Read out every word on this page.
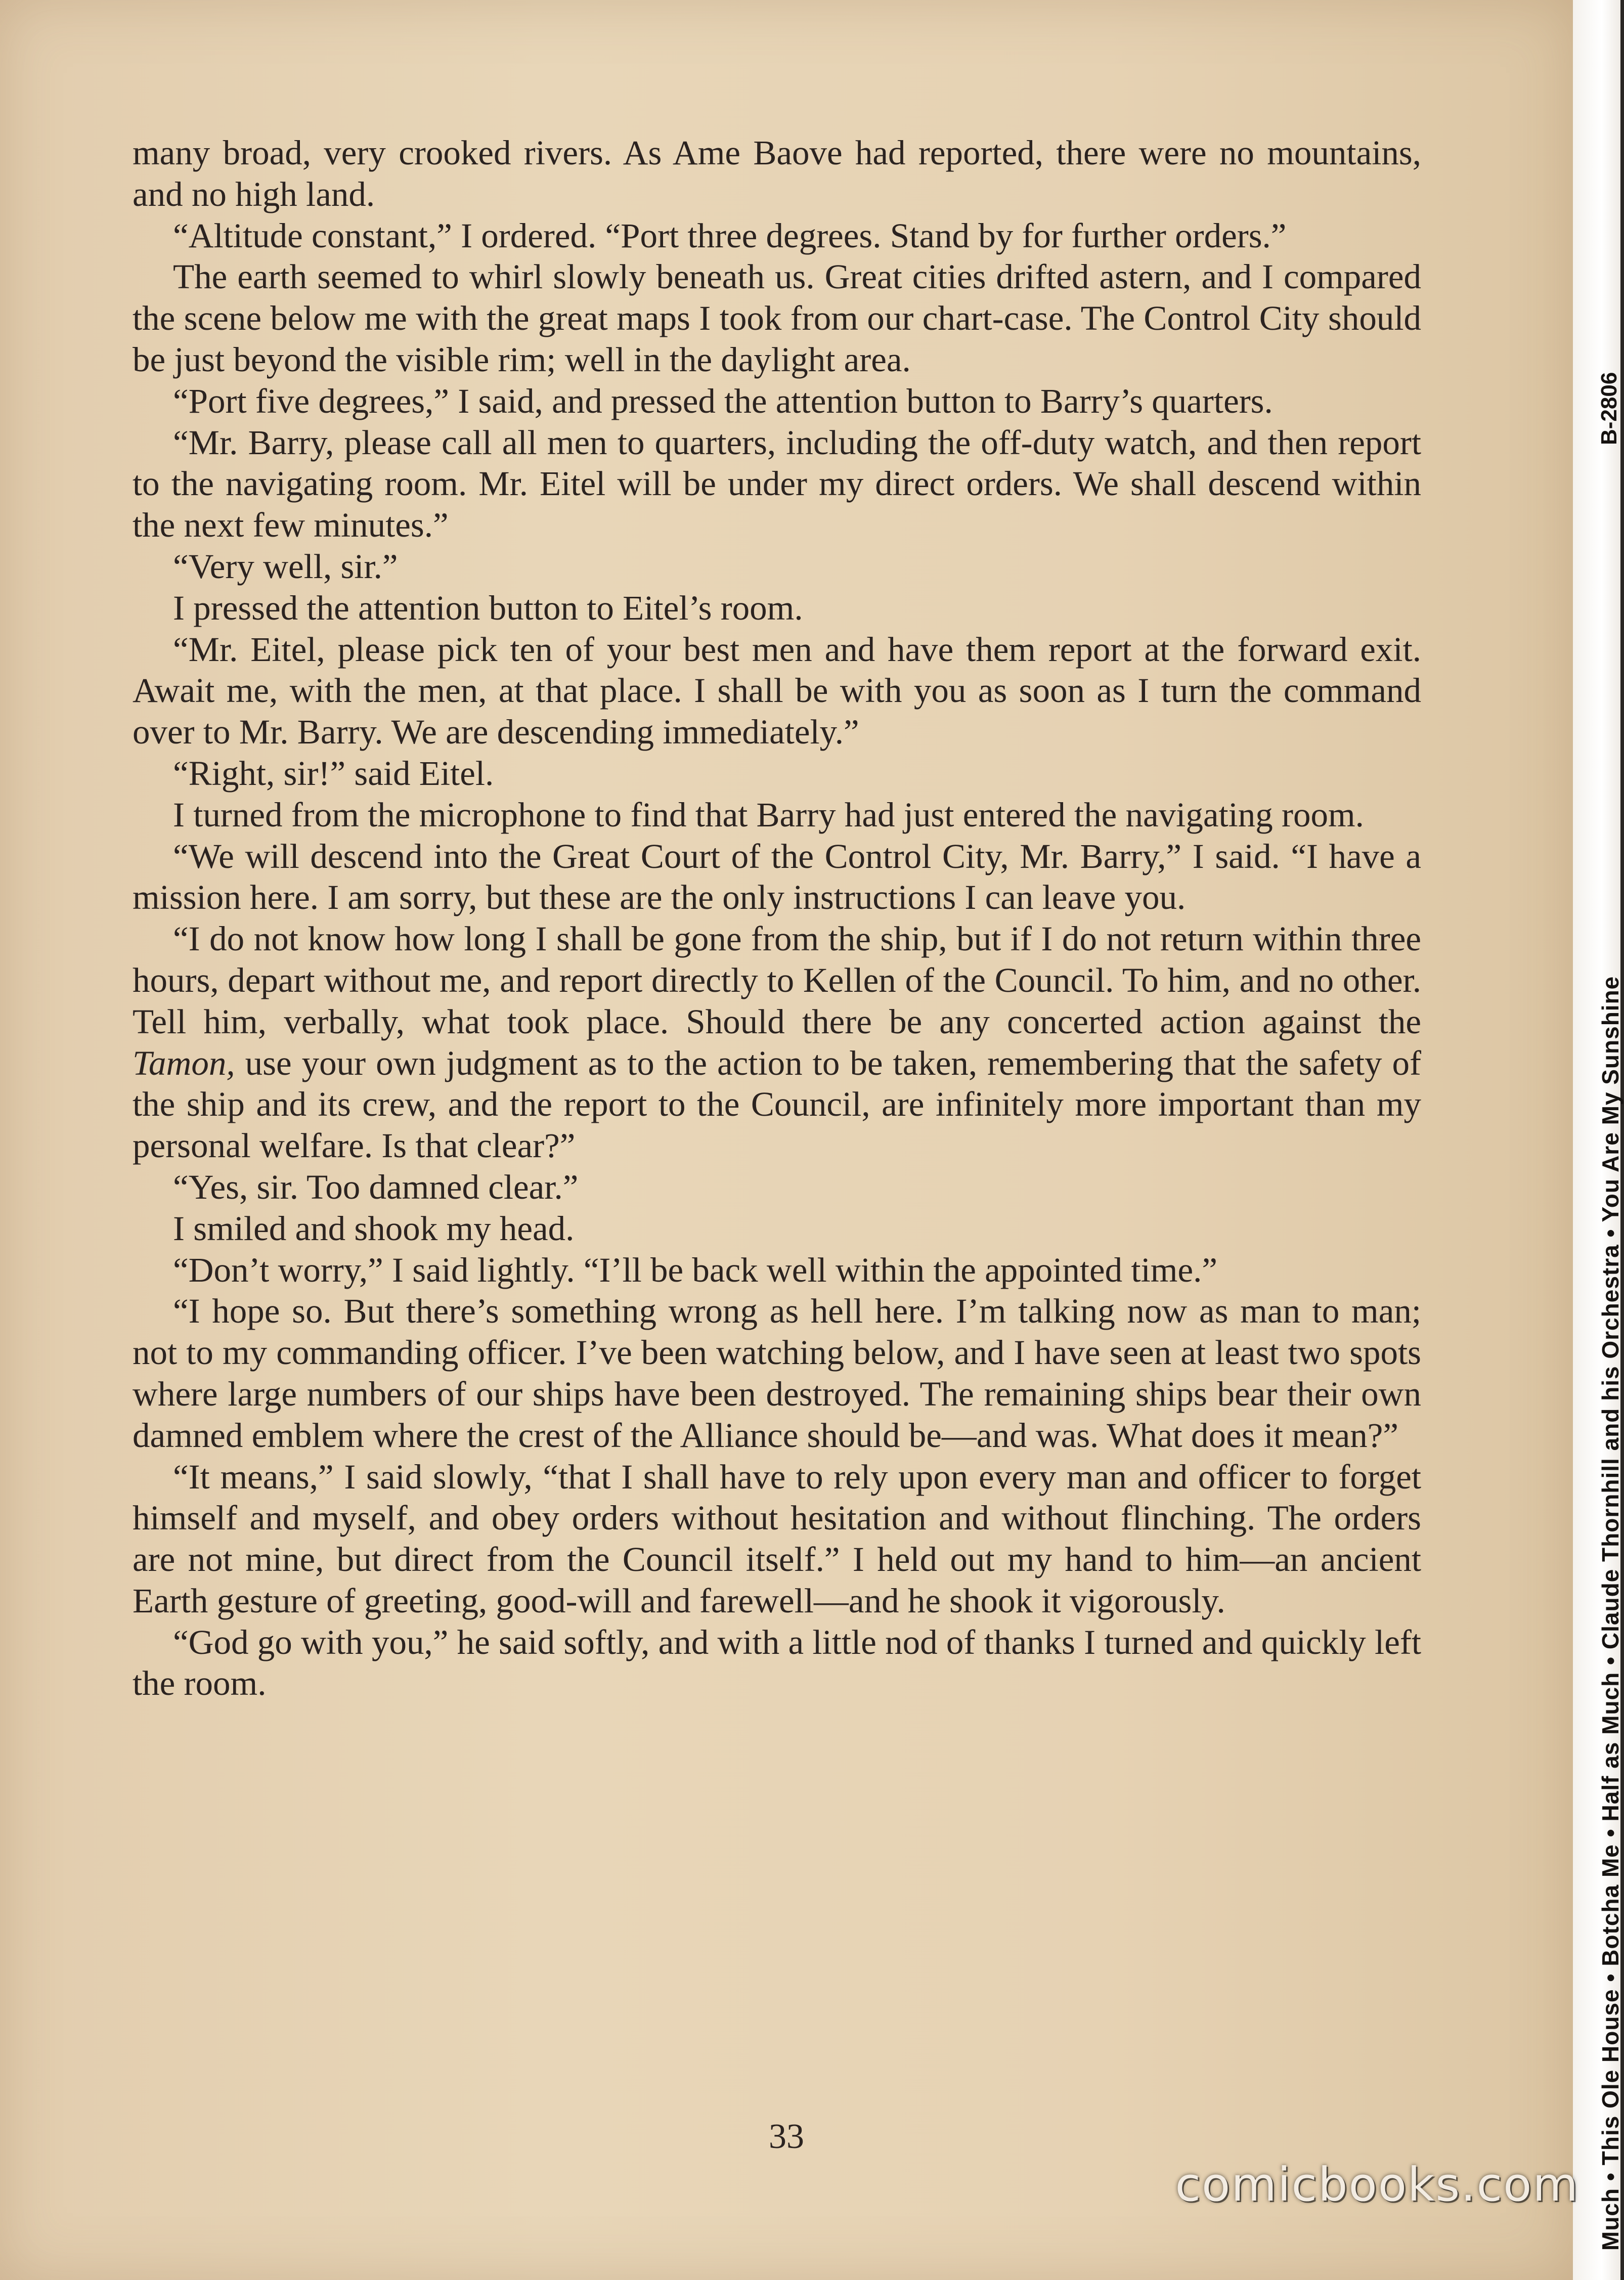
many broad, very crooked rivers. As Ame Baove had reported, there were no mountains, and no high land.

“Altitude constant,” I ordered. “Port three degrees. Stand by for further orders.”

The earth seemed to whirl slowly beneath us. Great cities drifted astern, and I compared the scene below me with the great maps I took from our chart-case. The Control City should be just beyond the visible rim; well in the daylight area.

“Port five degrees,” I said, and pressed the attention button to Barry’s quarters.

“Mr. Barry, please call all men to quarters, including the off-duty watch, and then report to the navigating room. Mr. Eitel will be under my direct orders. We shall descend within the next few minutes.”

“Very well, sir.”

I pressed the attention button to Eitel’s room.

“Mr. Eitel, please pick ten of your best men and have them report at the forward exit. Await me, with the men, at that place. I shall be with you as soon as I turn the command over to Mr. Barry. We are descending immediately.”

“Right, sir!” said Eitel.

I turned from the microphone to find that Barry had just entered the navigating room.

“We will descend into the Great Court of the Control City, Mr. Barry,” I said. “I have a mission here. I am sorry, but these are the only instructions I can leave you.

“I do not know how long I shall be gone from the ship, but if I do not return within three hours, depart without me, and report directly to Kellen of the Council. To him, and no other. Tell him, verbally, what took place. Should there be any concerted action against the Tamon, use your own judgment as to the action to be taken, remembering that the safety of the ship and its crew, and the report to the Council, are infinitely more important than my personal welfare. Is that clear?”

“Yes, sir. Too damned clear.”

I smiled and shook my head.

“Don’t worry,” I said lightly. “I’ll be back well within the appointed time.”

“I hope so. But there’s something wrong as hell here. I’m talking now as man to man; not to my commanding officer. I’ve been watching below, and I have seen at least two spots where large numbers of our ships have been destroyed. The remaining ships bear their own damned emblem where the crest of the Alliance should be—and was. What does it mean?”

“It means,” I said slowly, “that I shall have to rely upon every man and officer to forget himself and myself, and obey orders without hesitation and without flinching. The orders are not mine, but direct from the Council itself.” I held out my hand to him—an ancient Earth gesture of greeting, good-will and farewell—and he shook it vigorously.

“God go with you,” he said softly, and with a little nod of thanks I turned and quickly left the room.

33	Much • This Ole House • Botcha Me • Half as Much • Claude Thornhill and his Orchestra • You Are My Sunshine
B-2806
comicbooks.com
